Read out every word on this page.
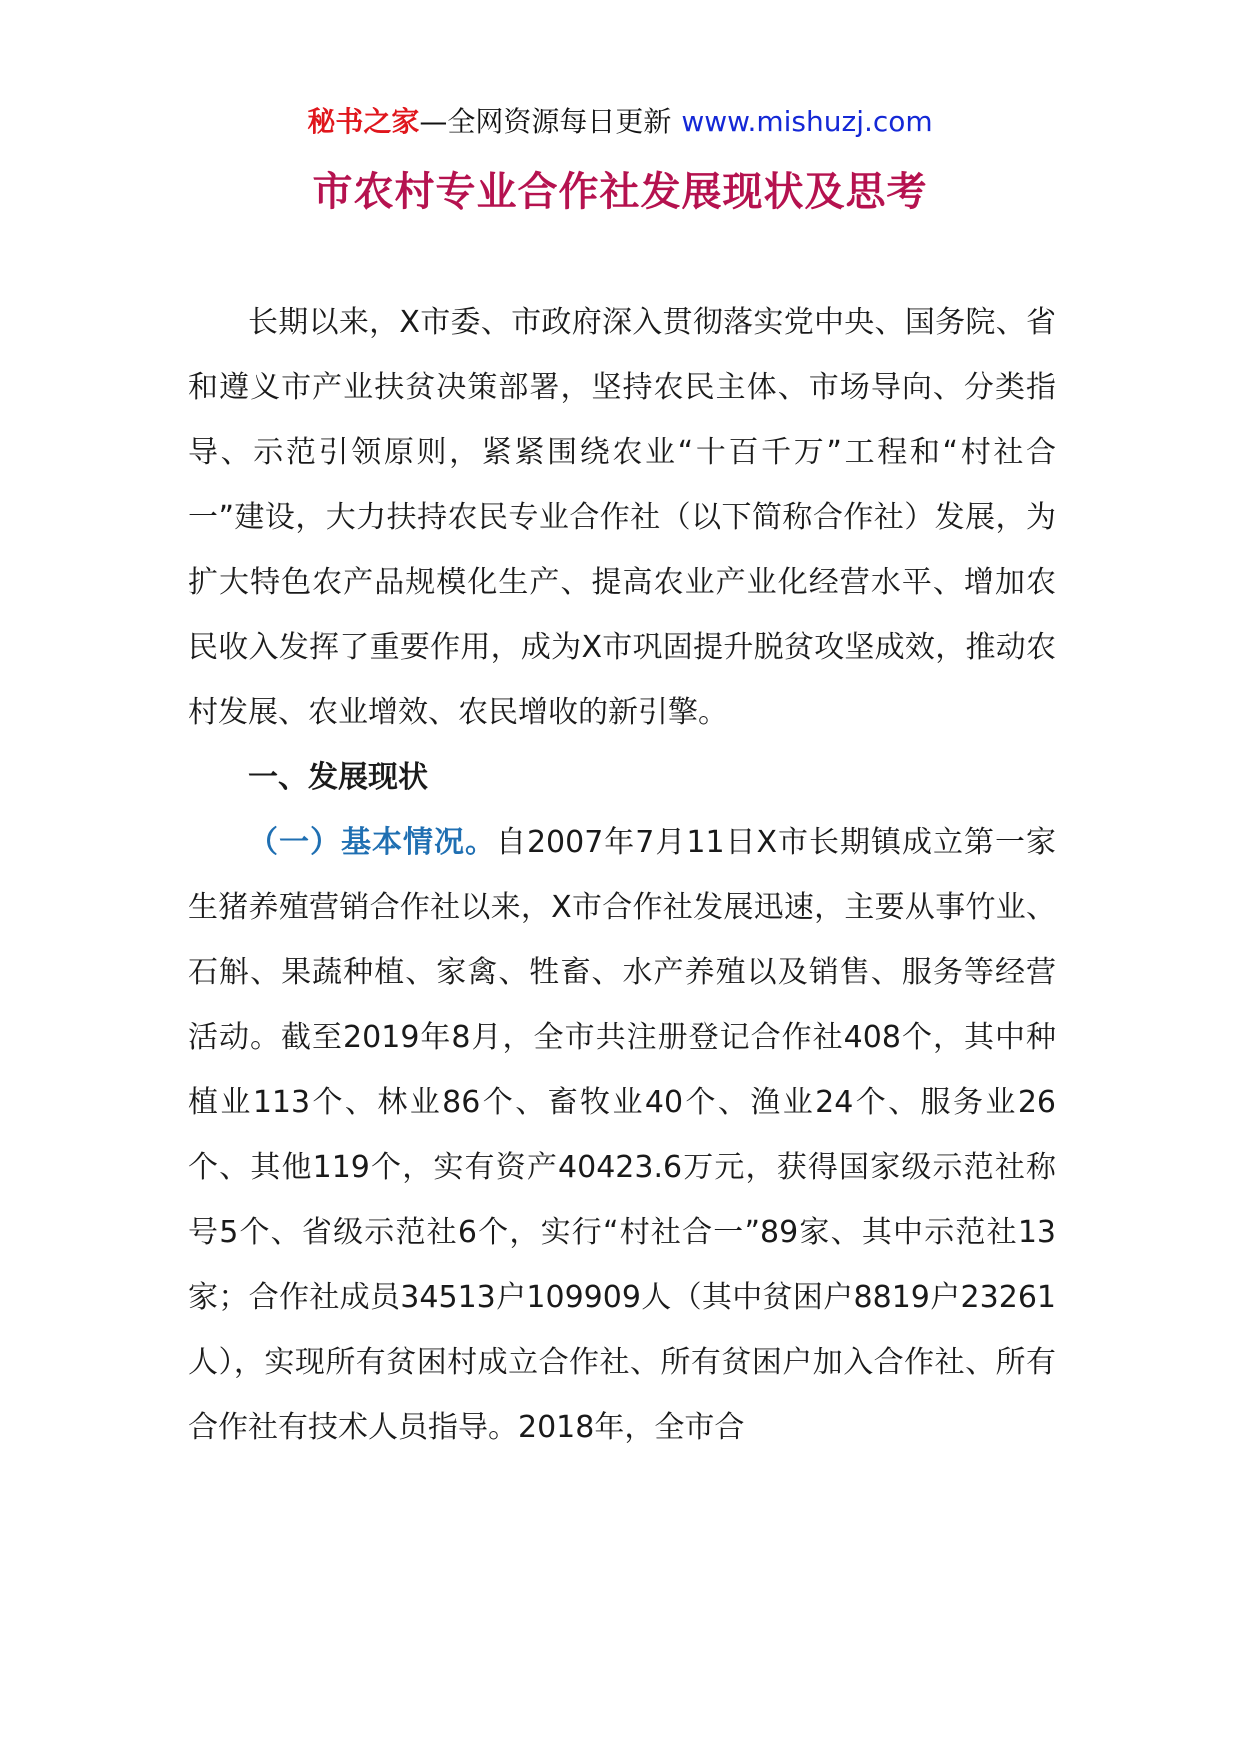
秘书之家—全网资源每日更新 www.mishuzj.com
市农村专业合作社发展现状及思考

长期以来，X市委、市政府深入贯彻落实党中央、国务院、省和遵义市产业扶贫决策部署，坚持农民主体、市场导向、分类指导、示范引领原则，紧紧围绕农业“十百千万”工程和“村社合一”建设，大力扶持农民专业合作社（以下简称合作社）发展，为扩大特色农产品规模化生产、提高农业产业化经营水平、增加农民收入发挥了重要作用，成为X市巩固提升脱贫攻坚成效，推动农村发展、农业增效、农民增收的新引擎。

一、发展现状

（一）基本情况。自2007年7月11日X市长期镇成立第一家生猪养殖营销合作社以来，X市合作社发展迅速，主要从事竹业、石斛、果蔬种植、家禽、牲畜、水产养殖以及销售、服务等经营活动。截至2019年8月，全市共注册登记合作社408个，其中种植业113个、林业86个、畜牧业40个、渔业24个、服务业26个、其他119个，实有资产40423.6万元，获得国家级示范社称号5个、省级示范社6个，实行“村社合一”89家、其中示范社13家；合作社成员34513户109909人（其中贫困户8819户23261人），实现所有贫困村成立合作社、所有贫困户加入合作社、所有合作社有技术人员指导。2018年，全市合
